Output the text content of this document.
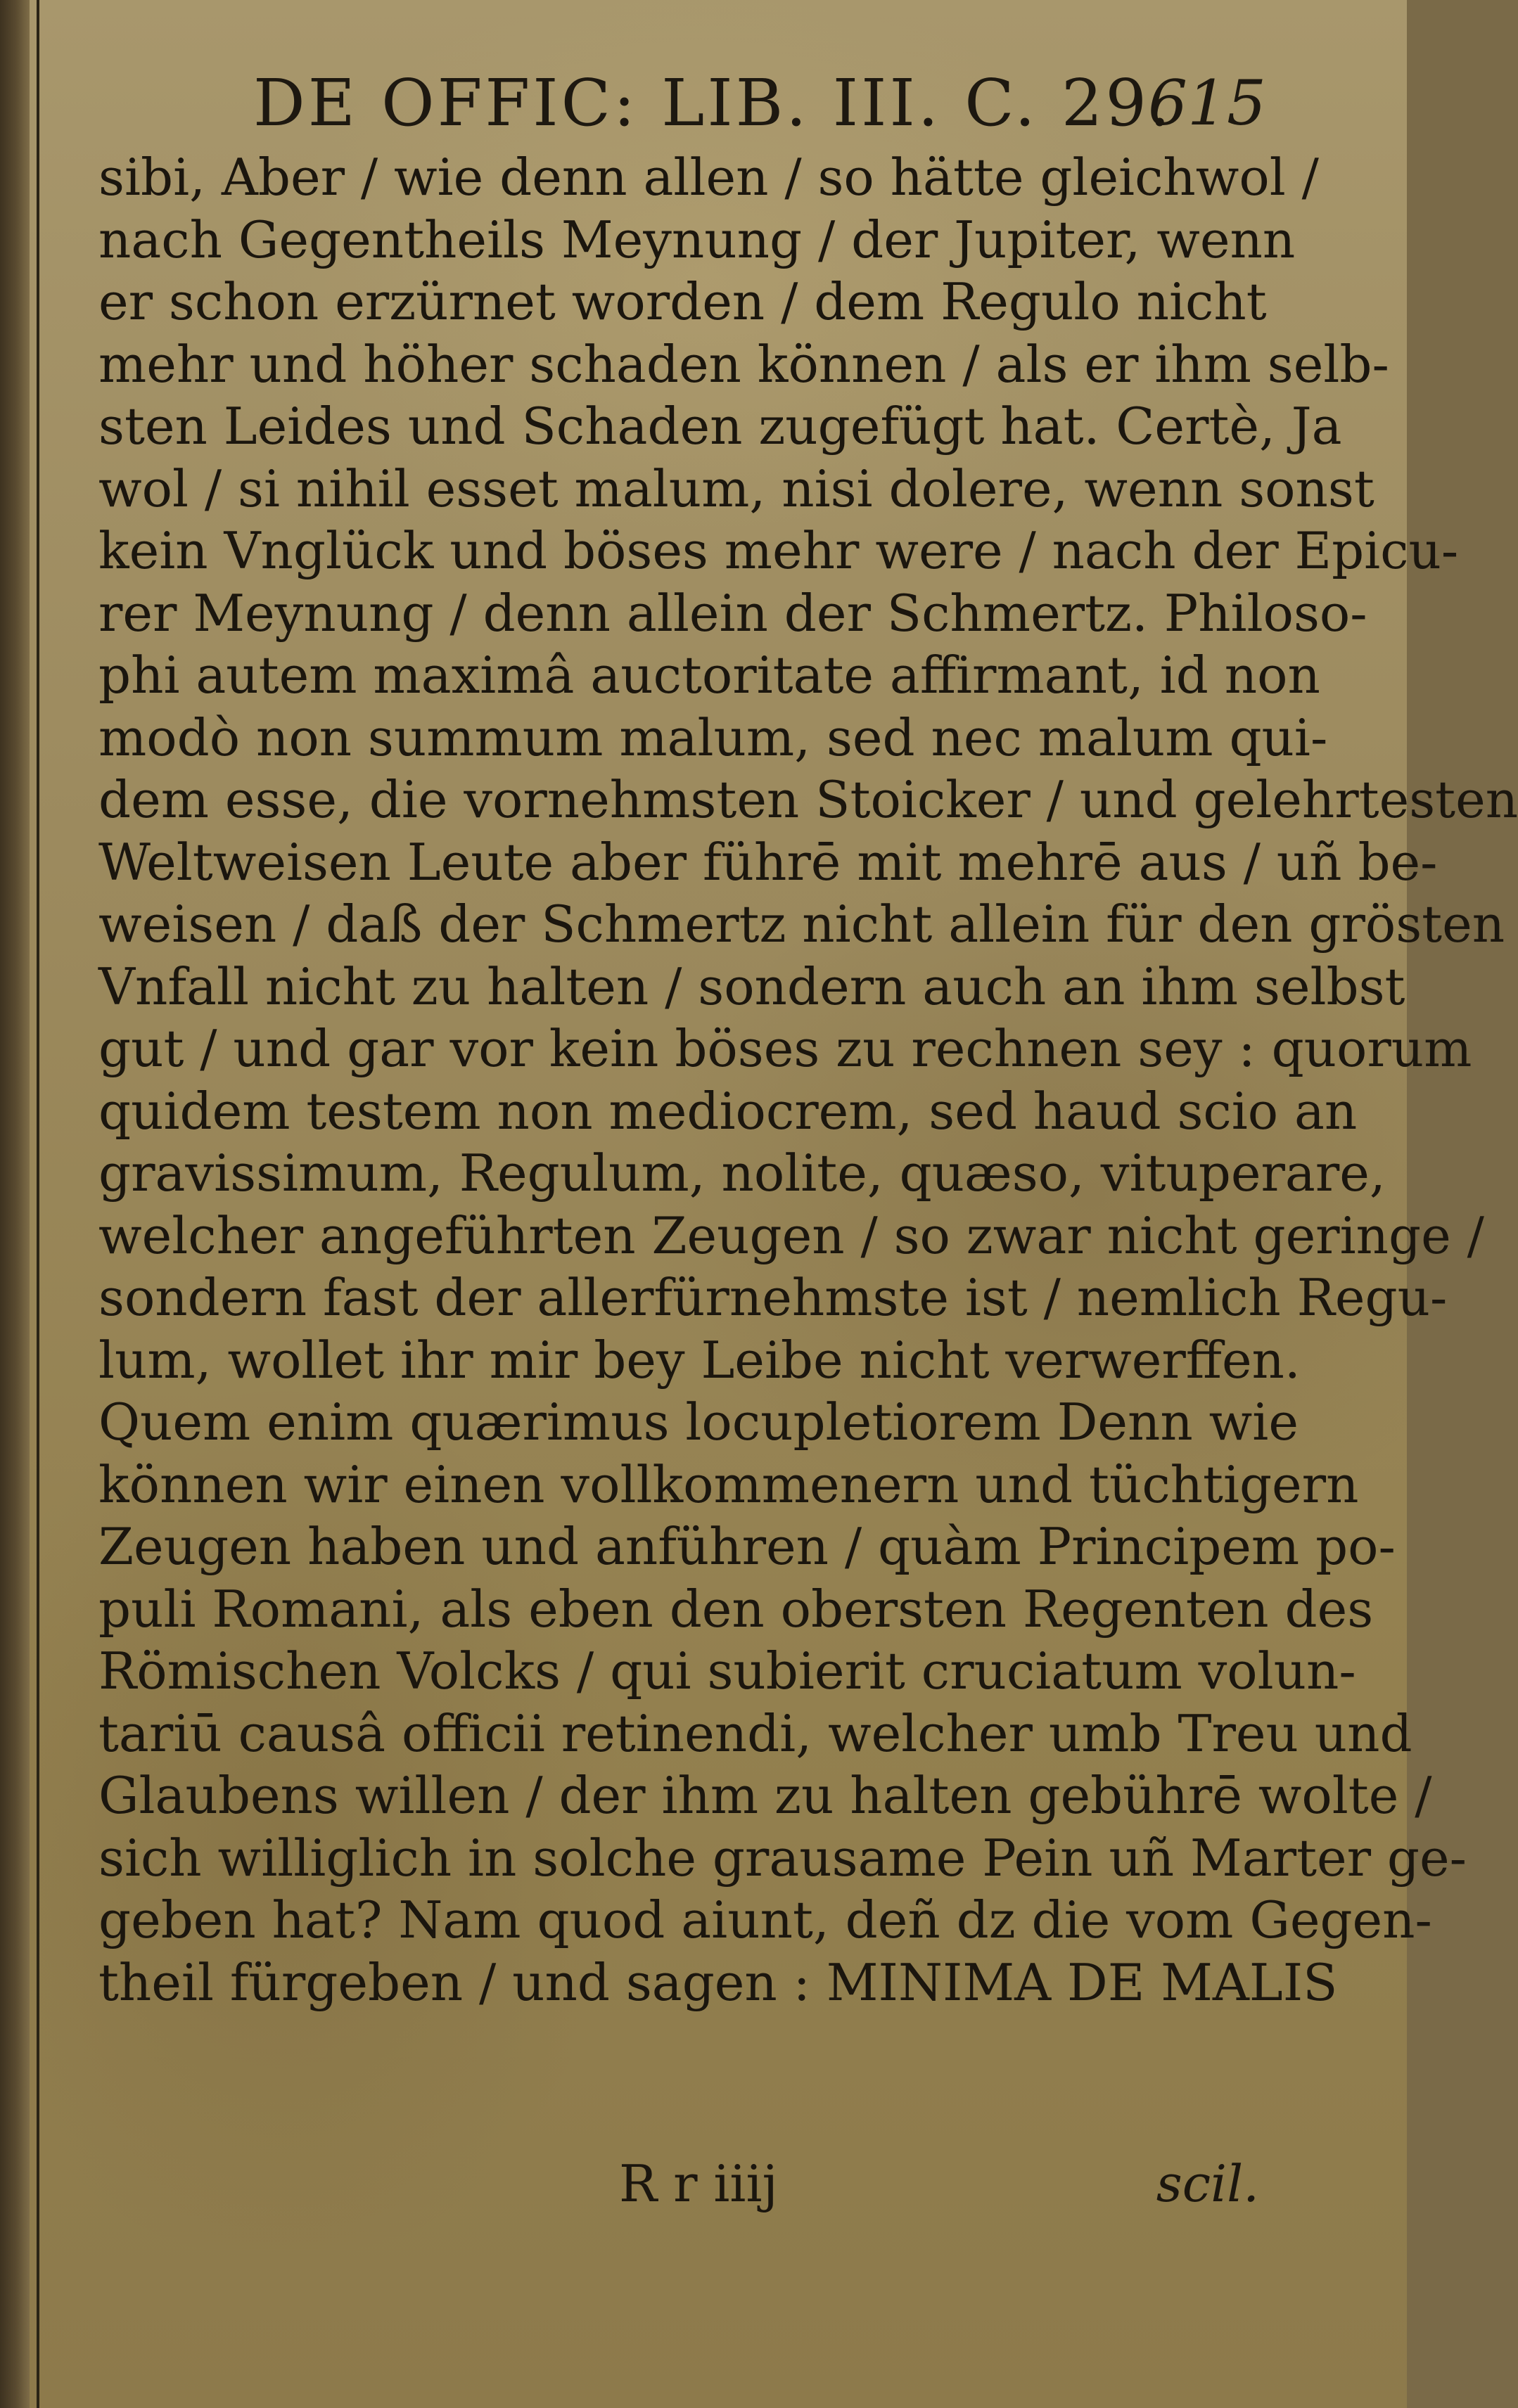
DE OFFIC: LIB. III. C. 29.
615
sibi, Aber / wie denn allen / so hätte gleichwol /
nach Gegentheils Meynung / der Jupiter, wenn
er schon erzürnet worden / dem Regulo nicht
mehr und höher schaden können / als er ihm selb-
sten Leides und Schaden zugefügt hat. Certè, Ja
wol / si nihil esset malum, nisi dolere, wenn sonst
kein Vnglück und böses mehr were / nach der Epicu-
rer Meynung / denn allein der Schmertz. Philoso-
phi autem maximâ auctoritate affirmant, id non
modò non summum malum, sed nec malum qui-
dem esse, die vornehmsten Stoicker / und gelehrtesten
Weltweisen Leute aber führē mit mehrē aus / uñ be-
weisen / daß der Schmertz nicht allein für den grösten
Vnfall nicht zu halten / sondern auch an ihm selbst
gut / und gar vor kein böses zu rechnen sey : quorum
quidem testem non mediocrem, sed haud scio an
gravissimum, Regulum, nolite, quæso, vituperare,
welcher angeführten Zeugen / so zwar nicht geringe /
sondern fast der allerfürnehmste ist / nemlich Regu-
lum, wollet ihr mir bey Leibe nicht verwerffen.
Quem enim quærimus locupletiorem Denn wie
können wir einen vollkommenern und tüchtigern
Zeugen haben und anführen / quàm Principem po-
puli Romani, als eben den obersten Regenten des
Römischen Volcks / qui subierit cruciatum volun-
tariū causâ officii retinendi, welcher umb Treu und
Glaubens willen / der ihm zu halten gebührē wolte /
sich williglich in solche grausame Pein uñ Marter ge-
geben hat? Nam quod aiunt, deñ dz die vom Gegen-
theil fürgeben / und sagen : MINIMA DE MALIS
R r iiij	scil.
